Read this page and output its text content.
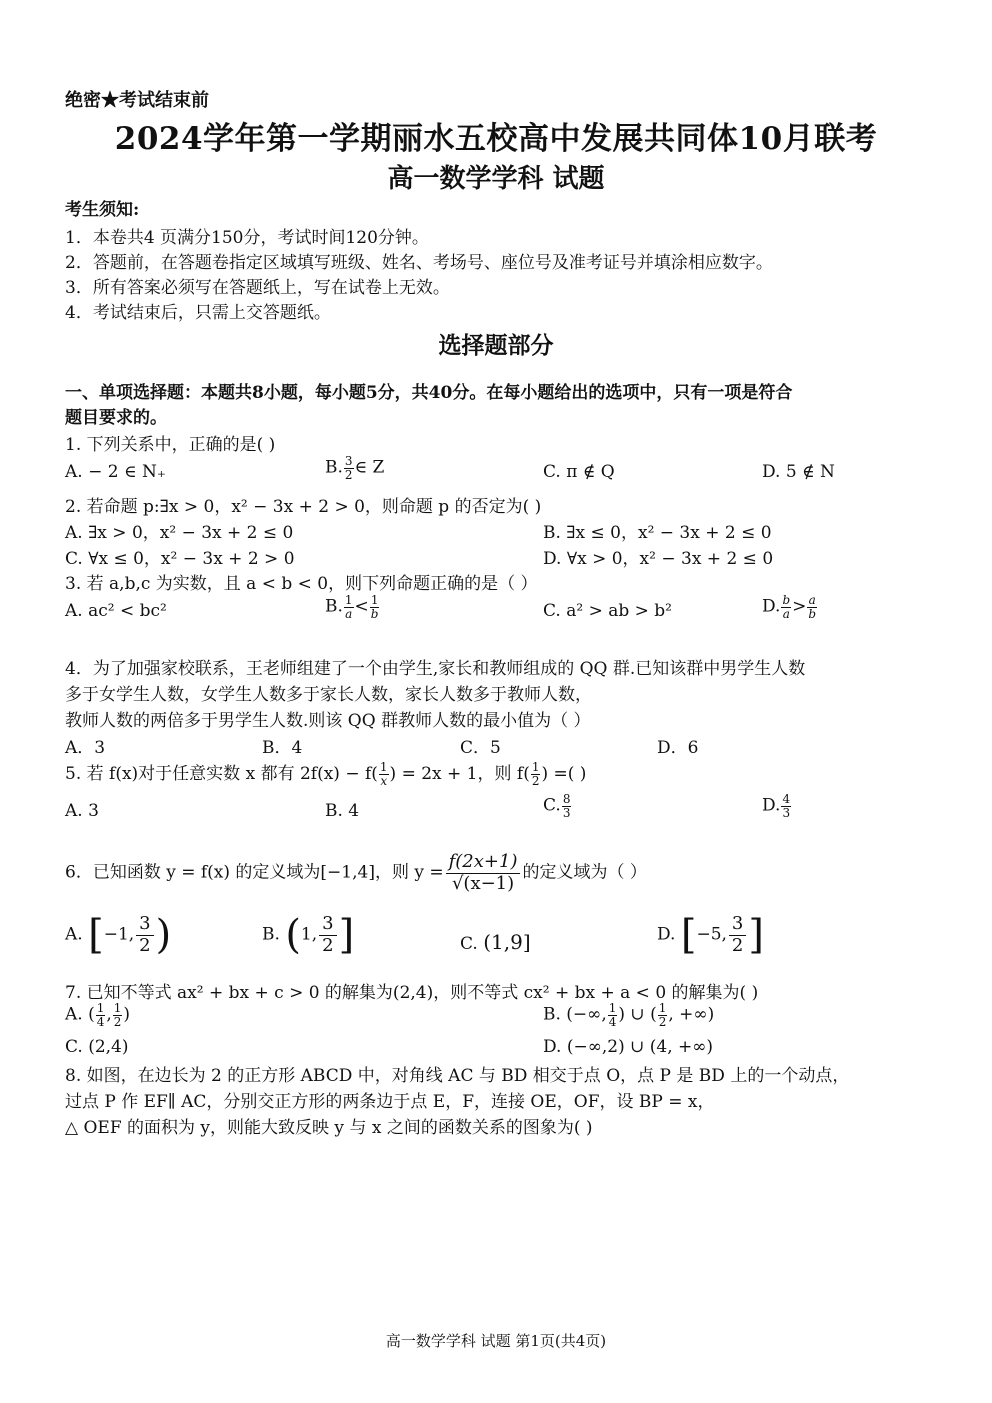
绝密★考试结束前
2024学年第一学期丽水五校高中发展共同体10月联考
高一数学学科 试题
考生须知:
1．本卷共4 页满分150分，考试时间120分钟。
2．答题前，在答题卷指定区域填写班级、姓名、考场号、座位号及准考证号并填涂相应数字。
3．所有答案必须写在答题纸上，写在试卷上无效。
4．考试结束后，只需上交答题纸。
选择题部分
一、单项选择题：本题共8小题，每小题5分，共40分。在每小题给出的选项中，只有一项是符合
题目要求的。
1. 下列关系中，正确的是( )
A. − 2 ∈ N₊	B. $\frac{3}{2}$ ∈ Z	C. π ∉ Q	D. 5 ∉ N
2. 若命题 p:∃x > 0，x² − 3x + 2 > 0，则命题 p 的否定为( )
A. ∃x > 0，x² − 3x + 2 ≤ 0	B. ∃x ≤ 0，x² − 3x + 2 ≤ 0
C. ∀x ≤ 0，x² − 3x + 2 > 0	D. ∀x > 0，x² − 3x + 2 ≤ 0
3. 若 a,b,c 为实数，且 a < b < 0，则下列命题正确的是（ ）
A. ac² < bc²	B. $\frac{1}{a} < \frac{1}{b}$	C. a² > ab > b²	D. $\frac{b}{a} > \frac{a}{b}$
4．为了加强家校联系，王老师组建了一个由学生,家长和教师组成的 QQ 群.已知该群中男学生人数
多于女学生人数，女学生人数多于家长人数，家长人数多于教师人数，
教师人数的两倍多于男学生人数.则该 QQ 群教师人数的最小值为（ ）
A．3	B．4	C．5	D．6
5. 若 f(x)对于任意实数 x 都有 $2f(x) - f( \frac{1}{x}$ ) = 2x + 1，则 $f( \frac{1}{2}$ ) =( )
A. 3	B. 4	C. $\frac{8}{3}$	D. $\frac{4}{3}$
6．已知函数 y = f(x) 的定义域为[−1,4]，则 $y = \frac{f(2x+1)}{√(x-1)}$ 的定义域为（ ）
A. [−1, $\frac{3}{2}$ )	B. (1, $\frac{3}{2}$ ]	C. (1,9]	D. [−5, $\frac{3}{2}$ ]
7. 已知不等式 ax² + bx + c > 0 的解集为(2,4)，则不等式 cx² + bx + a < 0 的解集为( )
A. ( $\frac{1}{4}$ , $\frac{1}{2}$ )	B. (−∞, $\frac{1}{4}$ ) ∪ ( $\frac{1}{2}$ , +∞)
C. (2,4)	D. (−∞,2) ∪ (4, +∞)
8. 如图，在边长为 2 的正方形 ABCD 中，对角线 AC 与 BD 相交于点 O，点 P 是 BD 上的一个动点，
过点 P 作 EF∥ AC，分别交正方形的两条边于点 E，F，连接 OE，OF，设 BP = x，
△ OEF 的面积为 y，则能大致反映 y 与 x 之间的函数关系的图象为( )
高一数学学科 试题 第1页(共4页)
